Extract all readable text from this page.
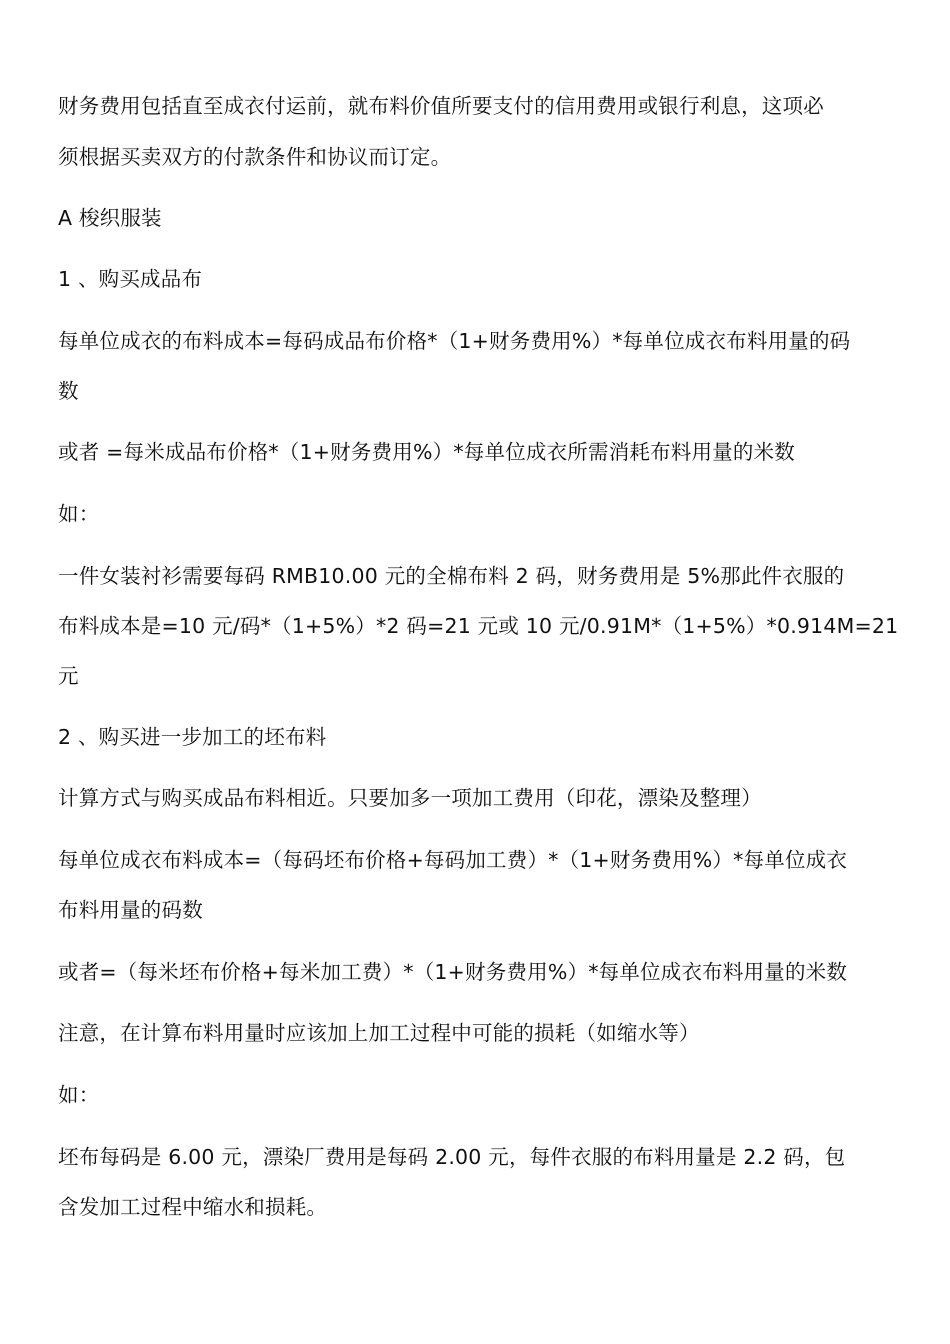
财务费用包括直至成衣付运前，就布料价值所要支付的信用费用或银行利息，这项必
须根据买卖双方的付款条件和协议而订定。
A 梭织服装
1 、购买成品布
每单位成衣的布料成本=每码成品布价格*（1+财务费用%）*每单位成衣布料用量的码
数
或者 =每米成品布价格*（1+财务费用%）*每单位成衣所需消耗布料用量的米数
如：
一件女装衬衫需要每码 RMB10.00 元的全棉布料 2 码，财务费用是 5%那此件衣服的
布料成本是=10 元/码*（1+5%）*2 码=21 元或 10 元/0.91M*（1+5%）*0.914M=21
元
2 、购买进一步加工的坯布料
计算方式与购买成品布料相近。只要加多一项加工费用（印花，漂染及整理）
每单位成衣布料成本=（每码坯布价格+每码加工费）*（1+财务费用%）*每单位成衣
布料用量的码数
或者=（每米坯布价格+每米加工费）*（1+财务费用%）*每单位成衣布料用量的米数
注意，在计算布料用量时应该加上加工过程中可能的损耗（如缩水等）
如：
坯布每码是 6.00 元，漂染厂费用是每码 2.00 元，每件衣服的布料用量是 2.2 码，包
含发加工过程中缩水和损耗。
